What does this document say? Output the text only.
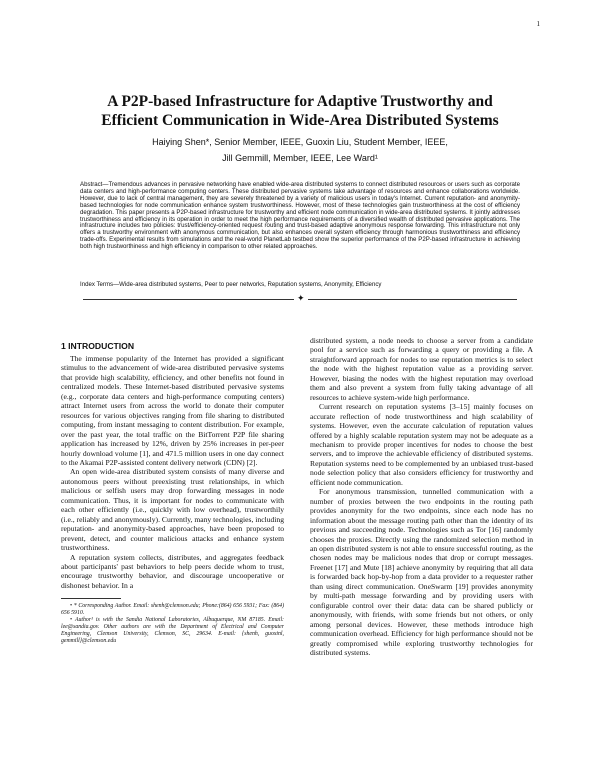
1
A P2P-based Infrastructure for Adaptive Trustworthy and
Efficient Communication in Wide-Area Distributed Systems
Haiying Shen*, Senior Member, IEEE, Guoxin Liu, Student Member, IEEE,
Jill Gemmill, Member, IEEE, Lee Ward¹
Abstract—Tremendous advances in pervasive networking have enabled wide-area distributed systems to connect distributed resources or users such as corporate data centers and high-performance computing centers. These distributed pervasive systems take advantage of resources and enhance collaborations worldwide. However, due to lack of central management, they are severely threatened by a variety of malicious users in today's Internet. Current reputation- and anonymity-based technologies for node communication enhance system trustworthiness. However, most of these technologies gain trustworthiness at the cost of efficiency degradation. This paper presents a P2P-based infrastructure for trustworthy and efficient node communication in wide-area distributed systems. It jointly addresses trustworthiness and efficiency in its operation in order to meet the high performance requirements of a diversified wealth of distributed pervasive applications. The infrastructure includes two policies: trust/efficiency-oriented request routing and trust-based adaptive anonymous response forwarding. This infrastructure not only offers a trustworthy environment with anonymous communication, but also enhances overall system efficiency through harmonious trustworthiness and efficiency trade-offs. Experimental results from simulations and the real-world PlanetLab testbed show the superior performance of the P2P-based infrastructure in achieving both high trustworthiness and high efficiency in comparison to other related approaches.
Index Terms—Wide-area distributed systems, Peer to peer networks, Reputation systems, Anonymity, Efficiency
✦
1 INTRODUCTION

The immense popularity of the Internet has provided a significant stimulus to the advancement of wide-area distributed pervasive systems that provide high scalability, efficiency, and other benefits not found in centralized models. These Internet-based distributed pervasive systems (e.g., corporate data centers and high-performance computing centers) attract Internet users from across the world to donate their computer resources for various objectives ranging from file sharing to distributed computing, from instant messaging to content distribution. For example, over the past year, the total traffic on the BitTorrent P2P file sharing application has increased by 12%, driven by 25% increases in per-peer hourly download volume [1], and 471.5 million users in one day connect to the Akamai P2P-assisted content delivery network (CDN) [2].

An open wide-area distributed system consists of many diverse and autonomous peers without preexisting trust relationships, in which malicious or selfish users may drop forwarding messages in node communication. Thus, it is important for nodes to communicate with each other efficiently (i.e., quickly with low overhead), trustworthily (i.e., reliably and anonymously). Currently, many technologies, including reputation- and anonymity-based approaches, have been proposed to prevent, detect, and counter malicious attacks and enhance system trustworthiness.

A reputation system collects, distributes, and aggregates feedback about participants' past behaviors to help peers decide whom to trust, encourage trustworthy behavior, and discourage uncooperative or dishonest behavior. In a

• * Corresponding Author. Email: shenh@clemson.edu; Phone:(864) 656 5931; Fax: (864) 656 5910.

• Author¹ is with the Sandia National Laboratories, Albuquerque, NM 87185. Email: lee@sandia.gov. Other authors are with the Department of Electrical and Computer Engineering, Clemson University, Clemson, SC, 29634. E-mail: {shenh, guoxinl, gemmill}@clemson.edu

distributed system, a node needs to choose a server from a candidate pool for a service such as forwarding a query or providing a file. A straightforward approach for nodes to use reputation metrics is to select the node with the highest reputation value as a providing server. However, biasing the nodes with the highest reputation may overload them and also prevent a system from fully taking advantage of all resources to achieve system-wide high performance.

Current research on reputation systems [3–15] mainly focuses on accurate reflection of node trustworthiness and high scalability of systems. However, even the accurate calculation of reputation values offered by a highly scalable reputation system may not be adequate as a mechanism to provide proper incentives for nodes to choose the best servers, and to improve the achievable efficiency of distributed systems. Reputation systems need to be complemented by an unbiased trust-based node selection policy that also considers efficiency for trustworthy and efficient node communication.

For anonymous transmission, tunnelled communication with a number of proxies between the two endpoints in the routing path provides anonymity for the two endpoints, since each node has no information about the message routing path other than the identity of its previous and succeeding node. Technologies such as Tor [16] randomly chooses the proxies. Directly using the randomized selection method in an open distributed system is not able to ensure successful routing, as the chosen nodes may be malicious nodes that drop or corrupt messages. Freenet [17] and Mute [18] achieve anonymity by requiring that all data is forwarded back hop-by-hop from a data provider to a requester rather than using direct communication. OneSwarm [19] provides anonymity by multi-path message forwarding and by providing users with configurable control over their data: data can be shared publicly or anonymously, with friends, with some friends but not others, or only among personal devices. However, these methods introduce high communication overhead. Efficiency for high performance should not be greatly compromised while exploring trustworthy technologies for distributed systems.
